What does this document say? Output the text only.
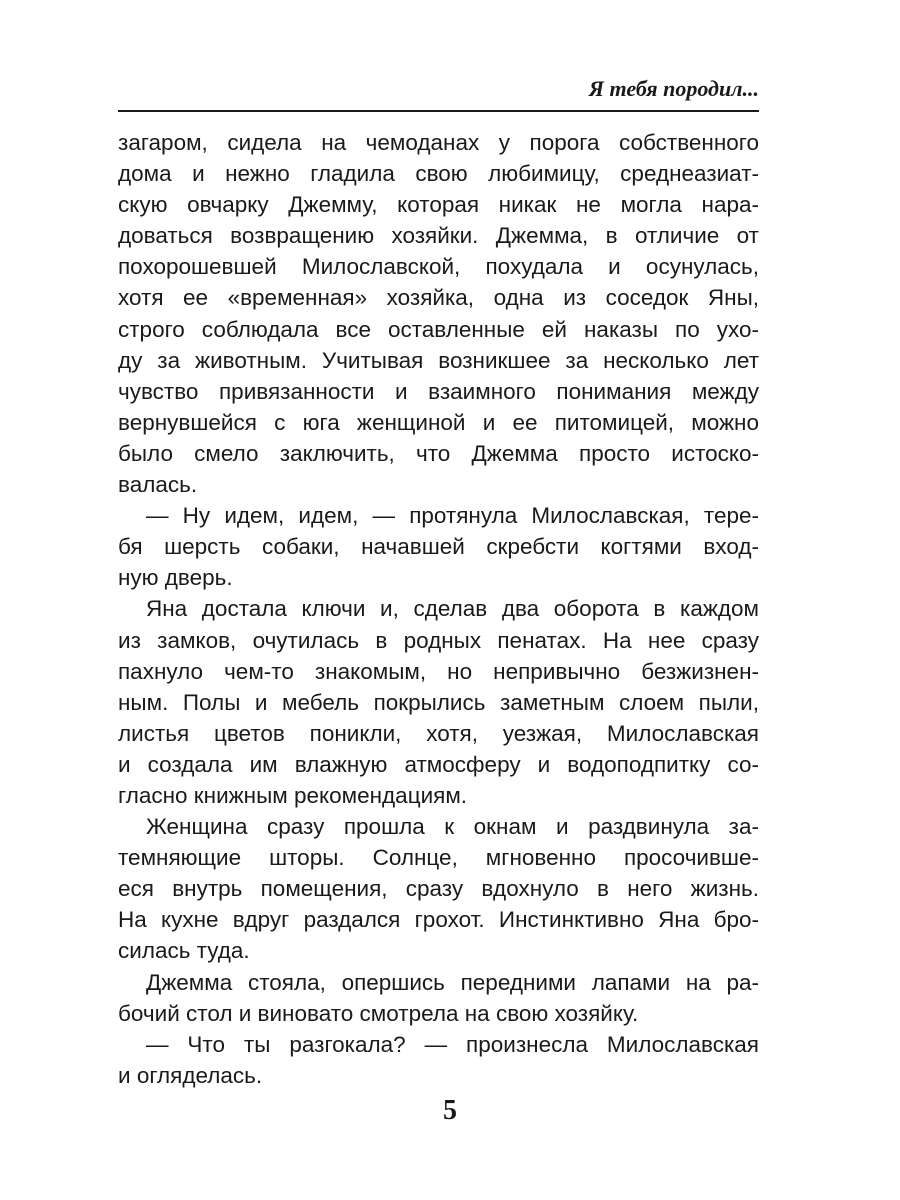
Я тебя породил...
загаром, сидела на чемоданах у порога собственного
дома и нежно гладила свою любимицу, среднеазиат-
скую овчарку Джемму, которая никак не могла нара-
доваться возвращению хозяйки. Джемма, в отличие от
похорошевшей Милославской, похудала и осунулась,
хотя ее «временная» хозяйка, одна из соседок Яны,
строго соблюдала все оставленные ей наказы по ухо-
ду за животным. Учитывая возникшее за несколько лет
чувство привязанности и взаимного понимания между
вернувшейся с юга женщиной и ее питомицей, можно
было смело заключить, что Джемма просто истоско-
валась.
— Ну идем, идем, — протянула Милославская, тере-
бя шерсть собаки, начавшей скребсти когтями вход-
ную дверь.
Яна достала ключи и, сделав два оборота в каждом
из замков, очутилась в родных пенатах. На нее сразу
пахнуло чем-то знакомым, но непривычно безжизнен-
ным. Полы и мебель покрылись заметным слоем пыли,
листья цветов поникли, хотя, уезжая, Милославская
и создала им влажную атмосферу и водоподпитку со-
гласно книжным рекомендациям.
Женщина сразу прошла к окнам и раздвинула за-
темняющие шторы. Солнце, мгновенно просочивше-
еся внутрь помещения, сразу вдохнуло в него жизнь.
На кухне вдруг раздался грохот. Инстинктивно Яна бро-
силась туда.
Джемма стояла, опершись передними лапами на ра-
бочий стол и виновато смотрела на свою хозяйку.
— Что ты разгокала? — произнесла Милославская
и огляделась.
5
